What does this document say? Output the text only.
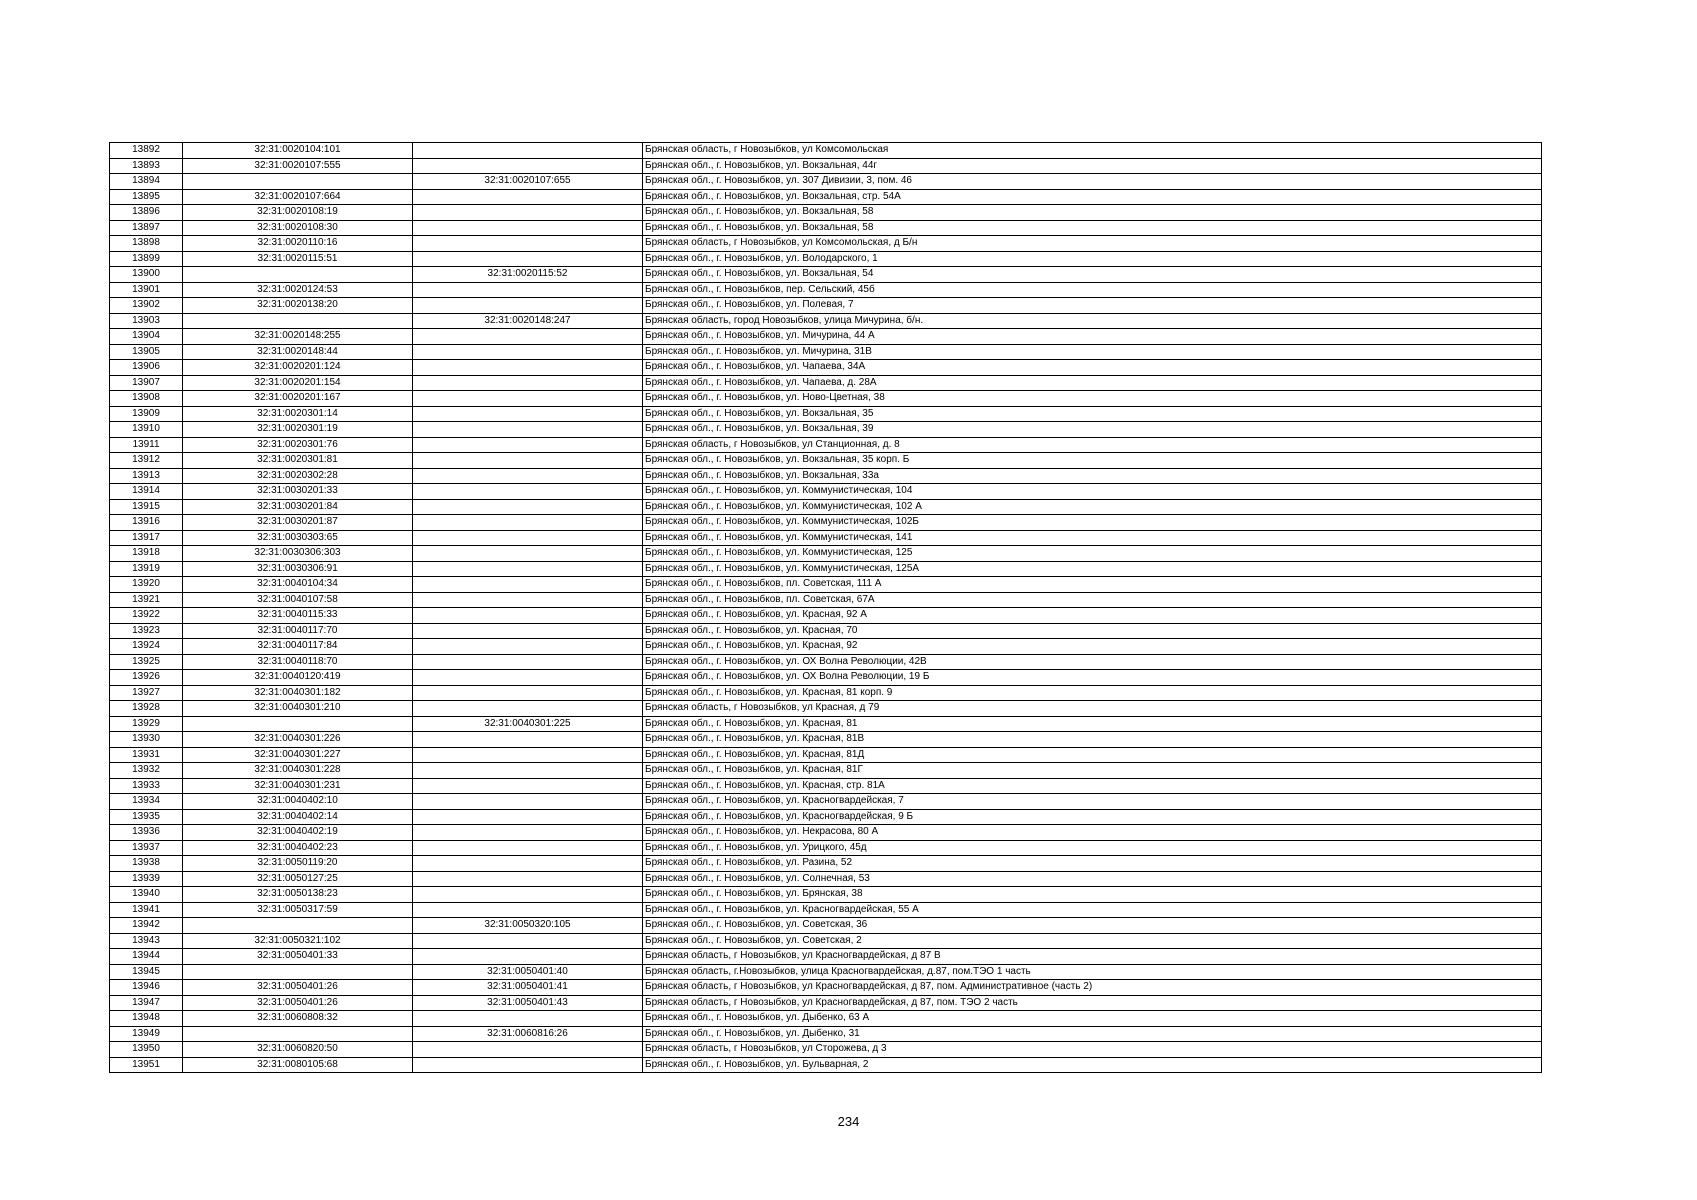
13892	32:31:0020104:101		Брянская область, г Новозыбков, ул Комсомольская
13893	32:31:0020107:555		Брянская обл., г. Новозыбков, ул. Вокзальная, 44г
13894		32:31:0020107:655	Брянская обл., г. Новозыбков, ул. 307 Дивизии, 3, пом. 46
13895	32:31:0020107:664		Брянская обл., г. Новозыбков, ул. Вокзальная, стр. 54А
13896	32:31:0020108:19		Брянская обл., г. Новозыбков, ул. Вокзальная, 58
13897	32:31:0020108:30		Брянская обл., г. Новозыбков, ул. Вокзальная, 58
13898	32:31:0020110:16		Брянская область, г Новозыбков, ул Комсомольская, д Б/н
13899	32:31:0020115:51		Брянская обл., г. Новозыбков, ул. Володарского, 1
13900		32:31:0020115:52	Брянская обл., г. Новозыбков, ул. Вокзальная, 54
13901	32:31:0020124:53		Брянская обл., г. Новозыбков, пер. Сельский, 45б
13902	32:31:0020138:20		Брянская обл., г. Новозыбков, ул. Полевая, 7
13903		32:31:0020148:247	Брянская область, город Новозыбков, улица Мичурина, б/н.
13904	32:31:0020148:255		Брянская обл., г. Новозыбков, ул. Мичурина, 44 А
13905	32:31:0020148:44		Брянская обл., г. Новозыбков, ул. Мичурина, 31В
13906	32:31:0020201:124		Брянская обл., г. Новозыбков, ул. Чапаева, 34А
13907	32:31:0020201:154		Брянская обл., г. Новозыбков, ул. Чапаева, д. 28А
13908	32:31:0020201:167		Брянская обл., г. Новозыбков, ул. Ново-Цветная, 38
13909	32:31:0020301:14		Брянская обл., г. Новозыбков, ул. Вокзальная, 35
13910	32:31:0020301:19		Брянская обл., г. Новозыбков, ул. Вокзальная, 39
13911	32:31:0020301:76		Брянская область, г Новозыбков, ул Станционная, д. 8
13912	32:31:0020301:81		Брянская обл., г. Новозыбков, ул. Вокзальная, 35 корп. Б
13913	32:31:0020302:28		Брянская обл., г. Новозыбков, ул. Вокзальная, 33а
13914	32:31:0030201:33		Брянская обл., г. Новозыбков, ул. Коммунистическая, 104
13915	32:31:0030201:84		Брянская обл., г. Новозыбков, ул. Коммунистическая, 102 А
13916	32:31:0030201:87		Брянская обл., г. Новозыбков, ул. Коммунистическая, 102Б
13917	32:31:0030303:65		Брянская обл., г. Новозыбков, ул. Коммунистическая, 141
13918	32:31:0030306:303		Брянская обл., г. Новозыбков, ул. Коммунистическая, 125
13919	32:31:0030306:91		Брянская обл., г. Новозыбков, ул. Коммунистическая, 125А
13920	32:31:0040104:34		Брянская обл., г. Новозыбков, пл. Советская, 111 А
13921	32:31:0040107:58		Брянская обл., г. Новозыбков, пл. Советская, 67А
13922	32:31:0040115:33		Брянская обл., г. Новозыбков, ул. Красная, 92 А
13923	32:31:0040117:70		Брянская обл., г. Новозыбков, ул. Красная, 70
13924	32:31:0040117:84		Брянская обл., г. Новозыбков, ул. Красная, 92
13925	32:31:0040118:70		Брянская обл., г. Новозыбков, ул. ОХ Волна Революции, 42В
13926	32:31:0040120:419		Брянская обл., г. Новозыбков, ул. ОХ Волна Революции, 19 Б
13927	32:31:0040301:182		Брянская обл., г. Новозыбков, ул. Красная, 81 корп. 9
13928	32:31:0040301:210		Брянская область, г Новозыбков, ул Красная, д 79
13929		32:31:0040301:225	Брянская обл., г. Новозыбков, ул. Красная, 81
13930	32:31:0040301:226		Брянская обл., г. Новозыбков, ул. Красная, 81В
13931	32:31:0040301:227		Брянская обл., г. Новозыбков, ул. Красная, 81Д
13932	32:31:0040301:228		Брянская обл., г. Новозыбков, ул. Красная, 81Г
13933	32:31:0040301:231		Брянская обл., г. Новозыбков, ул. Красная, стр. 81А
13934	32:31:0040402:10		Брянская обл., г. Новозыбков, ул. Красногвардейская, 7
13935	32:31:0040402:14		Брянская обл., г. Новозыбков, ул. Красногвардейская, 9 Б
13936	32:31:0040402:19		Брянская обл., г. Новозыбков, ул. Некрасова, 80 А
13937	32:31:0040402:23		Брянская обл., г. Новозыбков, ул. Урицкого, 45д
13938	32:31:0050119:20		Брянская обл., г. Новозыбков, ул. Разина, 52
13939	32:31:0050127:25		Брянская обл., г. Новозыбков, ул. Солнечная, 53
13940	32:31:0050138:23		Брянская обл., г. Новозыбков, ул. Брянская, 38
13941	32:31:0050317:59		Брянская обл., г. Новозыбков, ул. Красногвардейская, 55 А
13942		32:31:0050320:105	Брянская обл., г. Новозыбков, ул. Советская, 36
13943	32:31:0050321:102		Брянская обл., г. Новозыбков, ул. Советская, 2
13944	32:31:0050401:33		Брянская область, г Новозыбков, ул Красногвардейская, д 87 В
13945		32:31:0050401:40	Брянская область, г.Новозыбков, улица Красногвардейская, д.87, пом.ТЭО 1 часть
13946	32:31:0050401:26	32:31:0050401:41	Брянская область, г Новозыбков, ул Красногвардейская, д 87, пом. Административное (часть 2)
13947	32:31:0050401:26	32:31:0050401:43	Брянская область, г Новозыбков, ул Красногвардейская, д 87, пом. ТЭО 2 часть
13948	32:31:0060808:32		Брянская обл., г. Новозыбков, ул. Дыбенко, 63 А
13949		32:31:0060816:26	Брянская обл., г. Новозыбков, ул. Дыбенко, 31
13950	32:31:0060820:50		Брянская область, г Новозыбков, ул Сторожева, д 3
13951	32:31:0080105:68		Брянская обл., г. Новозыбков, ул. Бульварная, 2
234
